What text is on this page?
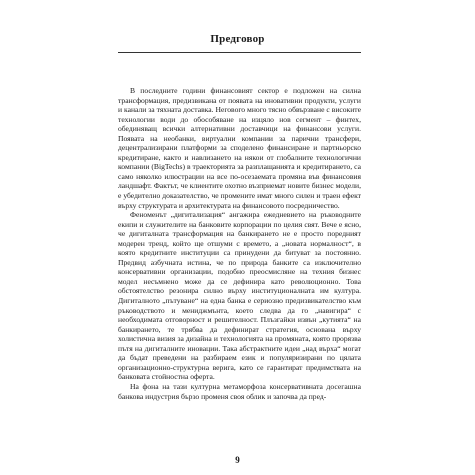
Предговор

В последните години финансовият сектор е подложен на силна трансформация, предизвикана от появата на иновативни продукти, услуги и канали за тяхната доставка. Негового много тясно обвързване с високите технологии води до обособяване на изцяло нов сегмент – финтех, обединяващ всички алтернативни доставчици на финансови услуги. Появата на необанки, виртуални компании за парични трансфери, децентрализирани платформи за споделено финансиране и партньорско кредитиране, както и навлизането на някои от глобалните технологични компании (BigTechs) в траекторията за разплащанията и кредитирането, са само няколко илюстрации на все по-осезаемата промяна във финансовия ландшафт. Фактът, че клиентите охотно възприемат новите бизнес модели, е убедително доказателство, че промените имат много силен и траен ефект върху структурата и архитектурата на финансовото посредничество.

Феноменът „дигитализация“ ангажира ежедневието на ръководните екипи и служителите на банковите корпорации по целия свят. Вече е ясно, че дигиталната трансформация на банкирането не е просто поредният модерен тренд, който ще отшуми с времето, а „новата нормалност“, в която кредитните институции са принудени да битуват за постоянно. Предвид азбучната истина, че по природа банките са изключително консервативни организации, подобно преосмисляне на техния бизнес модел несъмнено може да се дефинира като революционно. Това обстоятелство резонира силно върху институционалната им култура. Дигиталното „пътуване“ на една банка е сериозно предизвикателство към ръководството и мениджмънта, което следва да го „навигира“ с необходимата отговорност и решителност. Плъзгайки извън „кутията“ на банкирането, те трябва да дефинират стратегия, основана върху холистична визия за дизайна и технологията на промяната, която прорязва пътя на дигиталните иновации. Така абстрактните идеи „над върха“ могат да бъдат преведени на разбираем език и популяризирани по цялата организационно-структурна верига, като се гарантират предимствата на банковата стойностна оферта.

На фона на тази културна метаморфоза консервативната досегашна банкова индустрия бързо променя своя облик и започва да пред-

9
